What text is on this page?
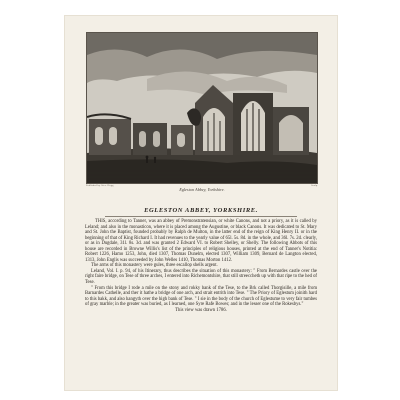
Published by Alex. Hogg
Egleston Abbey, Yorkshire.
Sculp.
EGLESTON ABBEY, YORKSHIRE.

THIS, according to Tanner, was an abbey of Premonstratensian, or white Canons, and not a priory, as it is called by Leland; and also in the monasticon, where it is placed among the Augustine, or black Canons. It was dedicated to St. Mary and St. John the Baptist, founded probably by Ralph de Multon, in the latter end of the reign of King Henry II. or in the beginning of that of King Richard I. It had revenues to the yearly value of 65l. 5s. 8d. in the whole, and 36l. 7s. 2d. clearly, or as in Dugdale, 31l. 8s. 3d. and was granted 2 Edward VI. to Robert Shelley, or Shelly. The following Abbots of this house are recorded in Browne Willis's list of the principles of religious houses, printed at the end of Tanner's Notitia: Robert 1226, Hamo 1253, John, died 1307, Thomas Dunelm, elected 1307, William 1309, Bernard de Langton elected, 1313, John Englis was succeeded by John Welles 1410, Thomas Morton 1412.

The arms of this monastery were gules, three escallop shells argent.

Leland, Vol. I. p. 94, of his Itinerary, thus describes the situation of this monastery: " From Bernardes castle over the right faire bridge, on Tese of three arches, I entered into Richemontshire, that still streeccheth up with that ripe to the hed of Tese.

" From this bridge I rode a mile on the stony and rokky bank of the Tese, to the Brk called Thorgisille, a mile from Barnardes Cathelle, and ther it hathe a bridge of one arch, and strait entrith into Tese. " The Priory of Eglestum joinith hard to this bakk, and also hangyth over the high bank of Tese. " I sie in the body of the church of Eglestume to very fair tumbes of gray marble; in the greater was buried, as I learned, one Syre Rafe Bowes; and in the lesser one of the Rokesbys."

This view was drawn 1786.
